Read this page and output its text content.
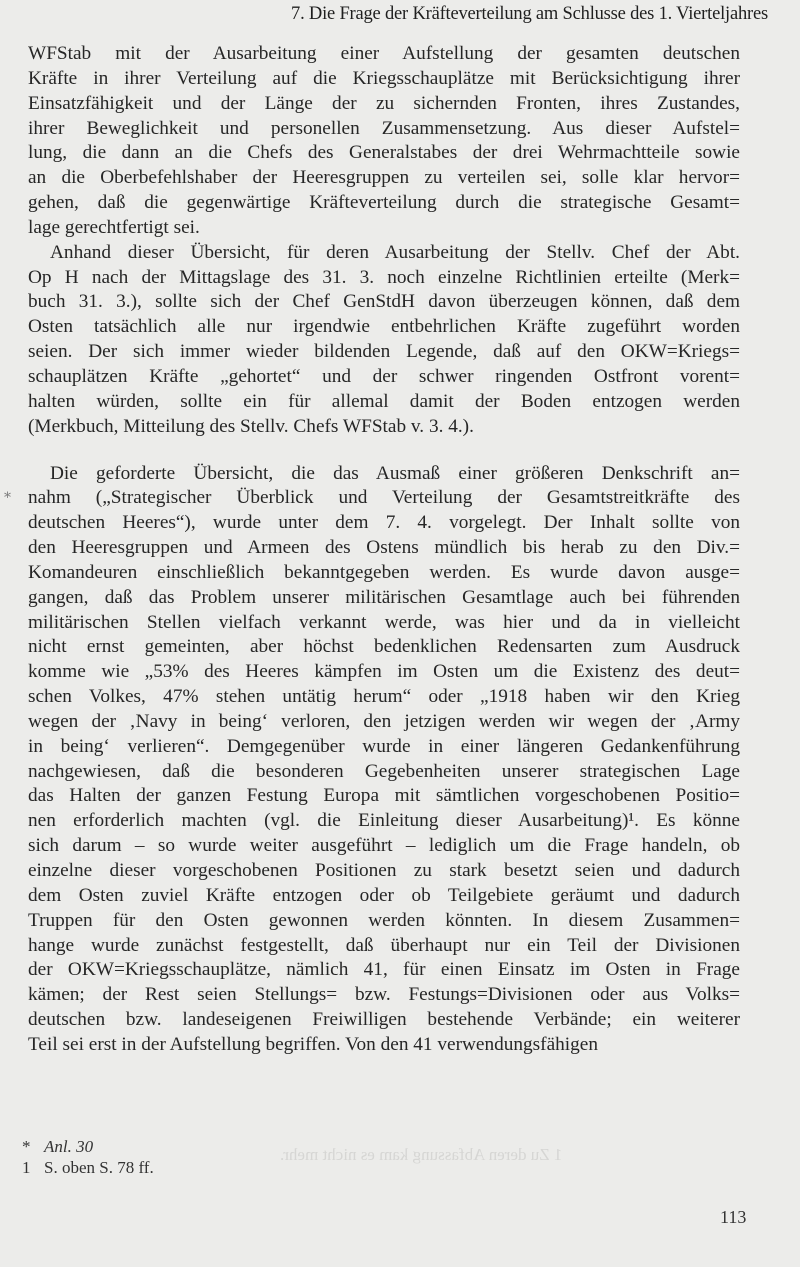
7. Die Frage der Kräfteverteilung am Schlusse des 1. Vierteljahres
WFStab mit der Ausarbeitung einer Aufstellung der gesamten deutschen
Kräfte in ihrer Verteilung auf die Kriegsschauplätze mit Berücksichtigung ihrer
Einsatzfähigkeit und der Länge der zu sichernden Fronten, ihres Zustandes,
ihrer Beweglichkeit und personellen Zusammensetzung. Aus dieser Aufstel=
lung, die dann an die Chefs des Generalstabes der drei Wehrmachtteile sowie
an die Oberbefehlshaber der Heeresgruppen zu verteilen sei, solle klar hervor=
gehen, daß die gegenwärtige Kräfteverteilung durch die strategische Gesamt=
lage gerechtfertigt sei.
Anhand dieser Übersicht, für deren Ausarbeitung der Stellv. Chef der Abt.
Op H nach der Mittagslage des 31. 3. noch einzelne Richtlinien erteilte (Merk=
buch 31. 3.), sollte sich der Chef GenStdH davon überzeugen können, daß dem
Osten tatsächlich alle nur irgendwie entbehrlichen Kräfte zugeführt worden
seien. Der sich immer wieder bildenden Legende, daß auf den OKW=Kriegs=
schauplätzen Kräfte „gehortet“ und der schwer ringenden Ostfront vorent=
halten würden, sollte ein für allemal damit der Boden entzogen werden
(Merkbuch, Mitteilung des Stellv. Chefs WFStab v. 3. 4.).
Die geforderte Übersicht, die das Ausmaß einer größeren Denkschrift an=
nahm („Strategischer Überblick und Verteilung der Gesamtstreitkräfte des
deutschen Heeres“), wurde unter dem 7. 4. vorgelegt. Der Inhalt sollte von
den Heeresgruppen und Armeen des Ostens mündlich bis herab zu den Div.=
Komandeuren einschließlich bekanntgegeben werden. Es wurde davon ausge=
gangen, daß das Problem unserer militärischen Gesamtlage auch bei führenden
militärischen Stellen vielfach verkannt werde, was hier und da in vielleicht
nicht ernst gemeinten, aber höchst bedenklichen Redensarten zum Ausdruck
komme wie „53% des Heeres kämpfen im Osten um die Existenz des deut=
schen Volkes, 47% stehen untätig herum“ oder „1918 haben wir den Krieg
wegen der ‚Navy in being‘ verloren, den jetzigen werden wir wegen der ‚Army
in being‘ verlieren“. Demgegenüber wurde in einer längeren Gedankenführung
nachgewiesen, daß die besonderen Gegebenheiten unserer strategischen Lage
das Halten der ganzen Festung Europa mit sämtlichen vorgeschobenen Positio=
nen erforderlich machten (vgl. die Einleitung dieser Ausarbeitung)¹. Es könne
sich darum – so wurde weiter ausgeführt – lediglich um die Frage handeln, ob
einzelne dieser vorgeschobenen Positionen zu stark besetzt seien und dadurch
dem Osten zuviel Kräfte entzogen oder ob Teilgebiete geräumt und dadurch
Truppen für den Osten gewonnen werden könnten. In diesem Zusammen=
hange wurde zunächst festgestellt, daß überhaupt nur ein Teil der Divisionen
der OKW=Kriegsschauplätze, nämlich 41, für einen Einsatz im Osten in Frage
kämen; der Rest seien Stellungs= bzw. Festungs=Divisionen oder aus Volks=
deutschen bzw. landeseigenen Freiwilligen bestehende Verbände; ein weiterer
Teil sei erst in der Aufstellung begriffen. Von den 41 verwendungsfähigen
*
1 Zu deren Abfassung kam es nicht mehr.
* Anl. 30
1 S. oben S. 78 ff.
113
